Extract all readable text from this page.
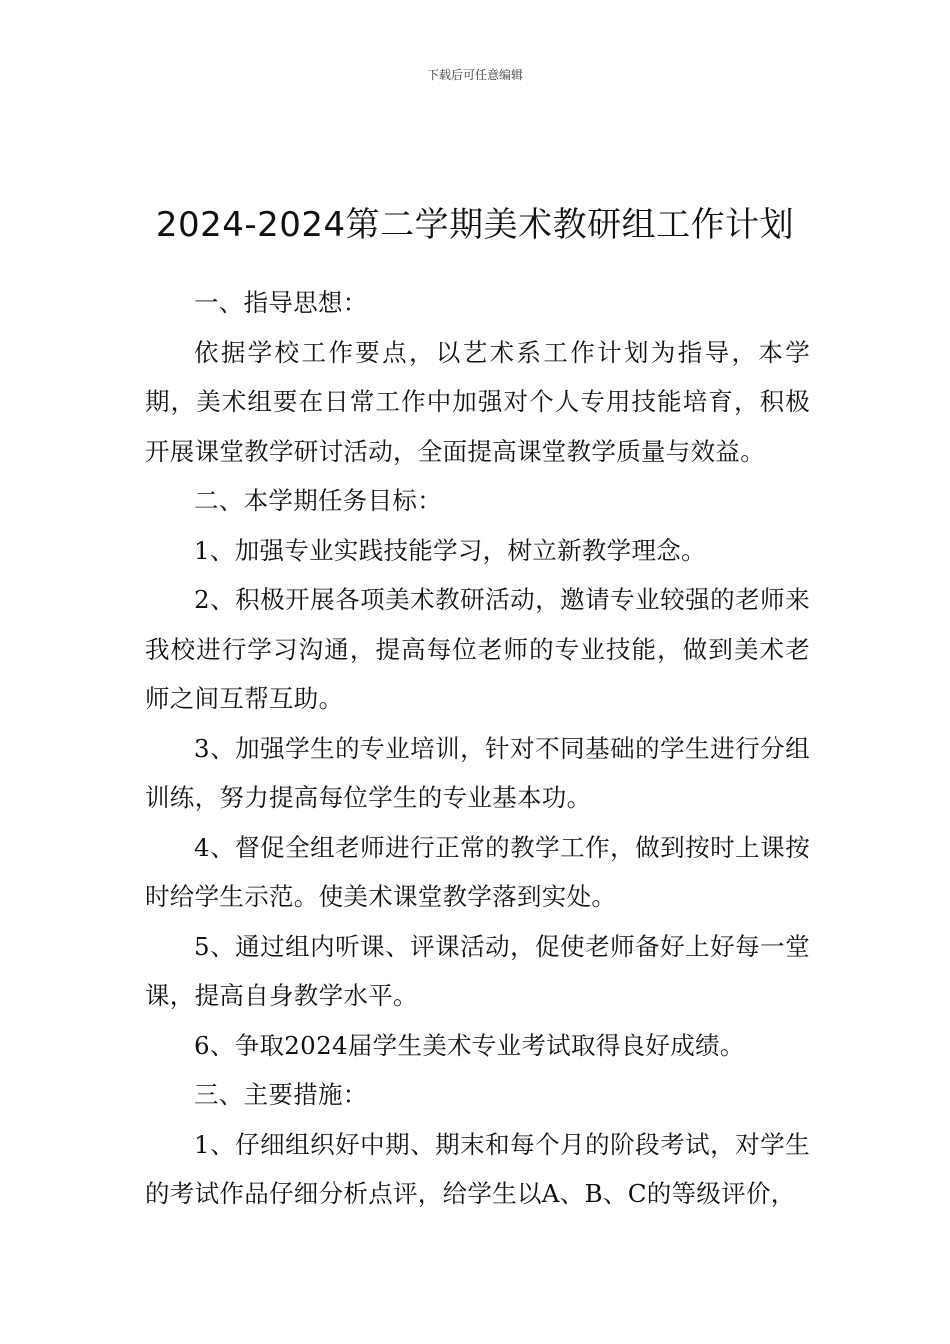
下载后可任意编辑
2024-2024第二学期美术教研组工作计划

一、指导思想：

依据学校工作要点，以艺术系工作计划为指导，本学期，美术组要在日常工作中加强对个人专用技能培育，积极开展课堂教学研讨活动，全面提高课堂教学质量与效益。

二、本学期任务目标：

1、加强专业实践技能学习，树立新教学理念。

2、积极开展各项美术教研活动，邀请专业较强的老师来我校进行学习沟通，提高每位老师的专业技能，做到美术老师之间互帮互助。

3、加强学生的专业培训，针对不同基础的学生进行分组训练，努力提高每位学生的专业基本功。

4、督促全组老师进行正常的教学工作，做到按时上课按时给学生示范。使美术课堂教学落到实处。

5、通过组内听课、评课活动，促使老师备好上好每一堂课，提高自身教学水平。

6、争取2024届学生美术专业考试取得良好成绩。

三、主要措施：

1、仔细组织好中期、期末和每个月的阶段考试，对学生的考试作品仔细分析点评，给学生以A、B、C的等级评价，
